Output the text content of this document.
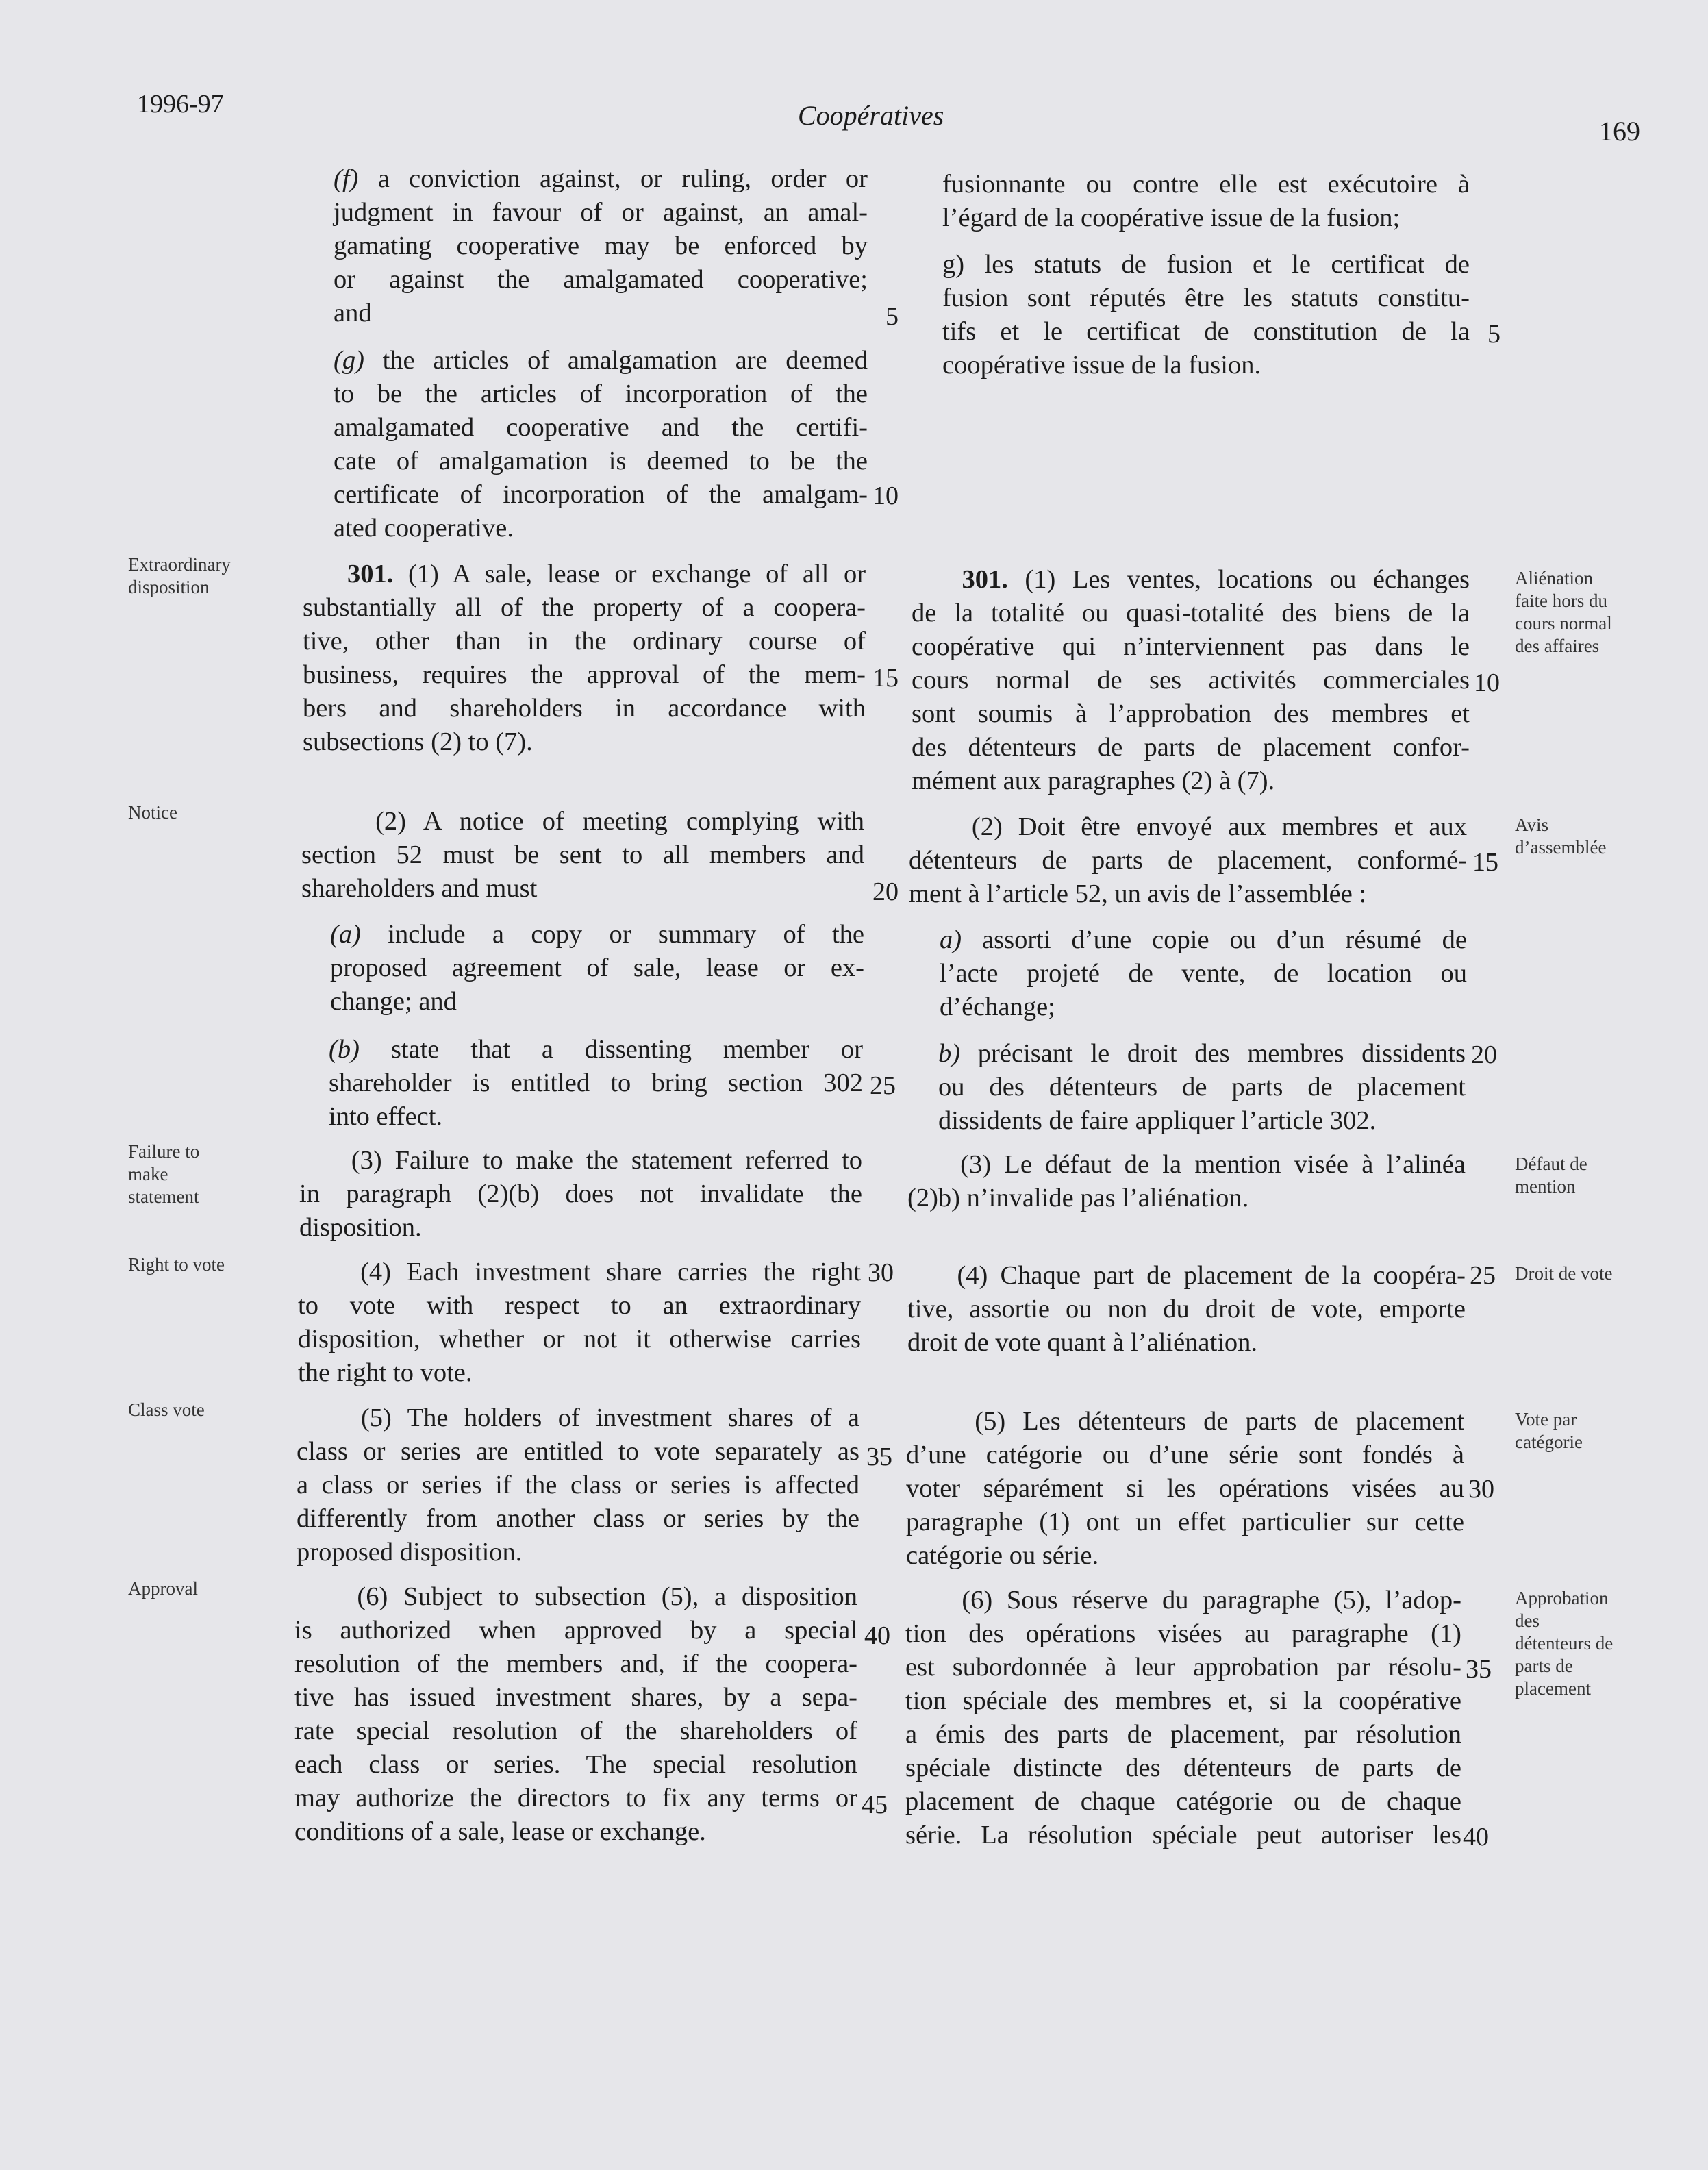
1996-97	Coopératives
169
Extraordinary
disposition
Notice
Failure to
make
statement
Right to vote
Class vote
Approval
Aliénation
faite hors du
cours normal
des affaires
Avis
d’assemblée
Défaut de
mention
Droit de vote
Vote par
catégorie
Approbation
des
détenteurs de
parts de
placement
5
10
15
20
25
30
35
40
45
5
10
15
20
25
30
35
40
(f) a conviction against, or ruling, order or
judgment in favour of or against, an amal-
gamating cooperative may be enforced by
or against the amalgamated cooperative;
and
(g) the articles of amalgamation are deemed
to be the articles of incorporation of the
amalgamated cooperative and the certifi-
cate of amalgamation is deemed to be the
certificate of incorporation of the amalgam-
ated cooperative.
301. (1) A sale, lease or exchange of all or
substantially all of the property of a coopera-
tive, other than in the ordinary course of
business, requires the approval of the mem-
bers and shareholders in accordance with
subsections (2) to (7).
(2) A notice of meeting complying with
section 52 must be sent to all members and
shareholders and must
(a) include a copy or summary of the
proposed agreement of sale, lease or ex-
change; and
(b) state that a dissenting member or
shareholder is entitled to bring section 302
into effect.
(3) Failure to make the statement referred to
in paragraph (2)(b) does not invalidate the
disposition.
(4) Each investment share carries the right
to vote with respect to an extraordinary
disposition, whether or not it otherwise carries
the right to vote.
(5) The holders of investment shares of a
class or series are entitled to vote separately as
a class or series if the class or series is affected
differently from another class or series by the
proposed disposition.
(6) Subject to subsection (5), a disposition
is authorized when approved by a special
resolution of the members and, if the coopera-
tive has issued investment shares, by a sepa-
rate special resolution of the shareholders of
each class or series. The special resolution
may authorize the directors to fix any terms or
conditions of a sale, lease or exchange.
fusionnante ou contre elle est exécutoire à
l’égard de la coopérative issue de la fusion;
g) les statuts de fusion et le certificat de
fusion sont réputés être les statuts constitu-
tifs et le certificat de constitution de la
coopérative issue de la fusion.
301. (1) Les ventes, locations ou échanges
de la totalité ou quasi-totalité des biens de la
coopérative qui n’interviennent pas dans le
cours normal de ses activités commerciales
sont soumis à l’approbation des membres et
des détenteurs de parts de placement confor-
mément aux paragraphes (2) à (7).
(2) Doit être envoyé aux membres et aux
détenteurs de parts de placement, conformé-
ment à l’article 52, un avis de l’assemblée :
a) assorti d’une copie ou d’un résumé de
l’acte projeté de vente, de location ou
d’échange;
b) précisant le droit des membres dissidents
ou des détenteurs de parts de placement
dissidents de faire appliquer l’article 302.
(3) Le défaut de la mention visée à l’alinéa
(2)b) n’invalide pas l’aliénation.
(4) Chaque part de placement de la coopéra-
tive, assortie ou non du droit de vote, emporte
droit de vote quant à l’aliénation.
(5) Les détenteurs de parts de placement
d’une catégorie ou d’une série sont fondés à
voter séparément si les opérations visées au
paragraphe (1) ont un effet particulier sur cette
catégorie ou série.
(6) Sous réserve du paragraphe (5), l’adop-
tion des opérations visées au paragraphe (1)
est subordonnée à leur approbation par résolu-
tion spéciale des membres et, si la coopérative
a émis des parts de placement, par résolution
spéciale distincte des détenteurs de parts de
placement de chaque catégorie ou de chaque
série. La résolution spéciale peut autoriser les
